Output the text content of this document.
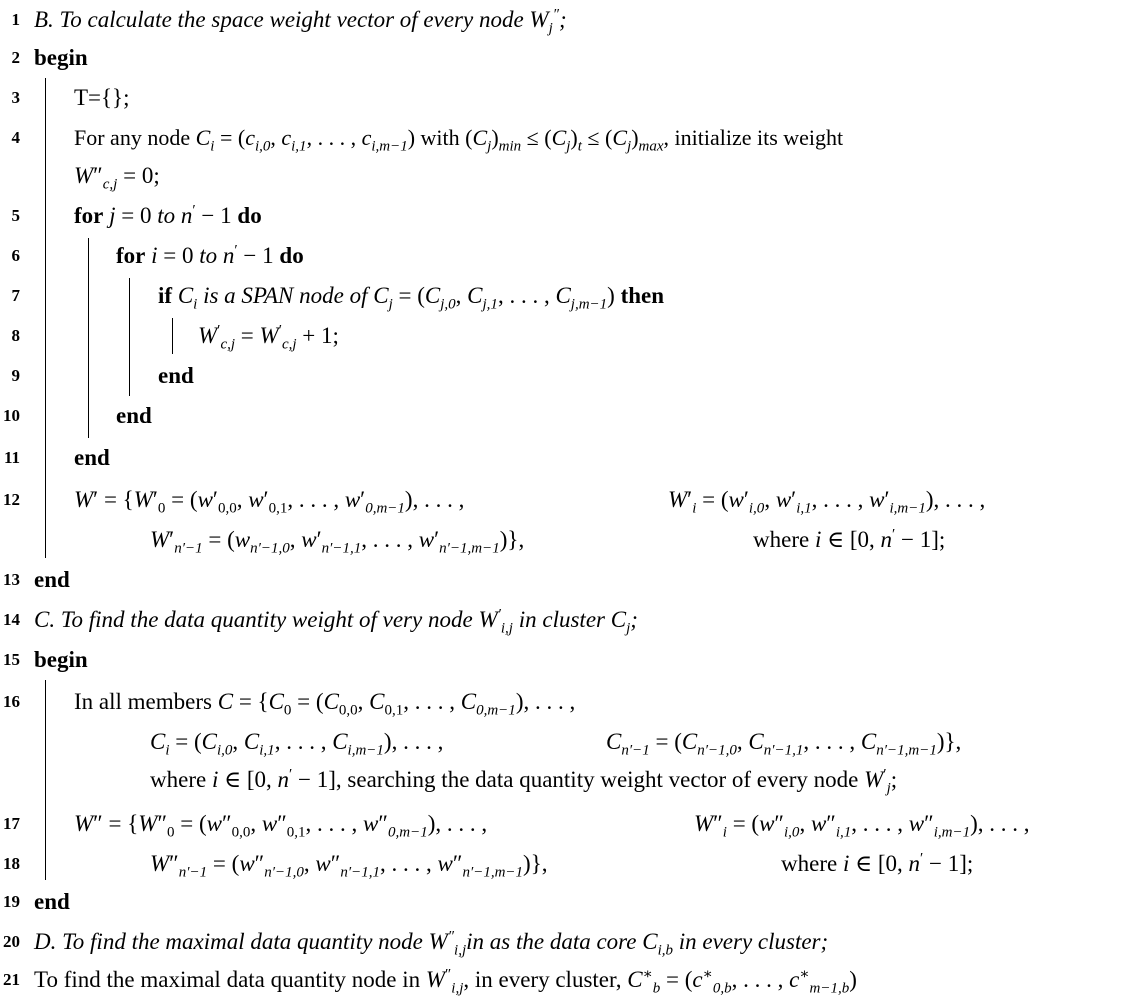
1 B. To calculate the space weight vector of every node $W_j''$;
2 begin
3 T={};
4 For any node $C_i = (c_{i,0}$, $c_{i,1}$, . . . , $c_{i,m-1}$) with $(C_j)_{min} \le (C_j)_t \le (C_j)_{max}$, initialize its weight
$W''_{c,j} = 0$;
5 for j = 0 to n′ − 1 do
6	for i = 0 to n′ − 1 do
7	if $C_i$ is a SPAN node of $C_j = (C_{j,0}$, $C_{j,1}$, . . . , $C_{j,m-1}$) then
8	$W'_{c,j} = W'_{c,j} + 1$;
9	end
10	end
11 end
12 $W' = \{W'_0 = (w'_{0,0}$, $w'_{0,1}$, . . . , $w'_{0,m-1}$), . . . ,	$W'_i = (w'_{i,0}$, $w'_{i,1}$, . . . , $w'_{i,m-1}$), . . . ,
$W'_{n'-1} = (w_{n'-1,0}$, $w'_{n'-1,1}$, . . . , $w'_{n'-1,m-1}$)},	where i ∈ [0, n′ − 1];
13 end
14 C. To find the data quantity weight of very node $W'_{i,j}$ in cluster $C_j$;
15 begin
16 In all members $C = \{C_0 = (C_{0,0}$, $C_{0,1}$, . . . , $C_{0,m-1}$), . . . ,
$C_i = (C_{i,0}$, $C_{i,1}$, . . . , $C_{i,m-1}$), . . . ,	$C_{n'-1} = (C_{n'-1,0}$, $C_{n'-1,1}$, . . . , $C_{n'-1,m-1}$)},
where i ∈ [0, n′ − 1], searching the data quantity weight vector of every node $W'_j$;
17 $W'' = \{W''_0 = (w''_{0,0}$, $w''_{0,1}$, . . . , $w''_{0,m-1}$), . . . ,	$W''_i = (w''_{i,0}$, $w''_{i,1}$, . . . , $w''_{i,m-1}$), . . . ,
18	$W''_{n'-1} = (w''_{n'-1,0}$, $w''_{n'-1,1}$, . . . , $w''_{n'-1,m-1}$)},	where i ∈ [0, n′ − 1];
19 end
20 D. To find the maximal data quantity node $W''_{i,j}in$ as the data core $C_{i,b}$ in every cluster;
21 To find the maximal data quantity node in $W''_{i,j}$, in every cluster, $C^∗_b = (c^∗_{0,b}$, . . . , $c^∗_{m-1,b}$)
